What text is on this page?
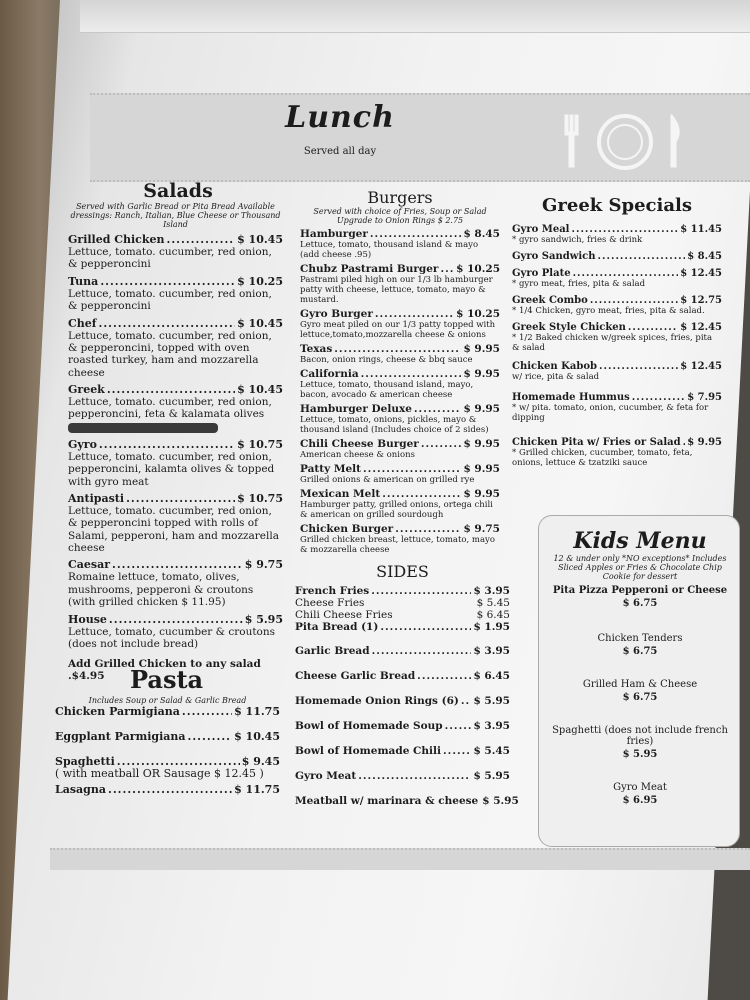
Lunch
Served all day
Salads
Served with Garlic Bread or Pita Bread Available dressings: Ranch, Italian, Blue Cheese or Thousand Island
Grilled Chicken .....	$ 10.45
Lettuce, tomato. cucumber, red onion, & pepperoncini
Tuna .....	$ 10.25
Lettuce, tomato. cucumber, red onion, & pepperoncini
Chef .....	$ 10.45
Lettuce, tomato. cucumber, red onion, & pepperoncini, topped with oven roasted turkey, ham and mozzarella cheese
Greek .....	$ 10.45
Lettuce, tomato. cucumber, red onion, pepperoncini, feta & kalamata olives
Gyro .....	$ 10.75
Lettuce, tomato. cucumber, red onion, pepperoncini, kalamta olives & topped with gyro meat
Antipasti .....	$ 10.75
Lettuce, tomato. cucumber, red onion, & pepperoncini topped with rolls of Salami, pepperoni, ham and mozzarella cheese
Caesar .....	$ 9.75
Romaine lettuce, tomato, olives, mushrooms, pepperoni & croutons (with grilled chicken $ 11.95)
House .....	$ 5.95
Lettuce, tomato, cucumber & croutons (does not include bread)
Add Grilled Chicken to any salad .$4.95	Pasta
Includes Soup or Salad & Garlic Bread
Chicken Parmigiana .....	$ 11.75
Eggplant Parmigiana .....	$ 10.45
Spaghetti .....	$ 9.45
( with meatball OR Sausage $ 12.45 )
Lasagna .....	$ 11.75
Burgers
Served with choice of Fries, Soup or Salad Upgrade to Onion Rings $ 2.75
Hamburger .....	$ 8.45
Lettuce, tomato, thousand island & mayo (add cheese .95)
Chubz Pastrami Burger ..... $ 10.25
Pastrami piled high on our 1/3 lb hamburger patty with cheese, lettuce, tomato, mayo & mustard.
Gyro Burger .....	$ 10.25
Gyro meat piled on our 1/3 patty topped with lettuce,tomato,mozzarella cheese & onions
Texas .....	$ 9.95
Bacon, onion rings, cheese & bbq sauce
California .....	$ 9.95
Lettuce, tomato, thousand island, mayo, bacon, avocado & american cheese
Hamburger Deluxe .....	$ 9.95
Lettuce, tomato, onions, pickles, mayo & thousand island (Includes choice of 2 sides)
Chili Cheese Burger .....	$ 9.95
American cheese & onions
Patty Melt .....	$ 9.95
Grilled onions & american on grilled rye
Mexican Melt .....	$ 9.95
Hamburger patty, grilled onions, ortega chili & american on grilled sourdough
Chicken Burger .....	$ 9.75
Grilled chicken breast, lettuce, tomato, mayo & mozzarella cheese
SIDES
French Fries .....	$ 3.95
Cheese Fries	$ 5.45
Chili Cheese Fries	$ 6.45
Pita Bread (1) .....	$ 1.95
Garlic Bread .....	$ 3.95
Cheese Garlic Bread .....	$ 6.45
Homemade Onion Rings (6) ..... $ 5.95
Bowl of Homemade Soup .....	$ 3.95
Bowl of Homemade Chili .....	$ 5.45
Gyro Meat .....	$ 5.95
Meatball w/ marinara & cheese $ 5.95
Greek Specials
Gyro Meal .....	$ 11.45
* gyro sandwich, fries & drink
Gyro Sandwich .....	$ 8.45
Gyro Plate .....	$ 12.45
* gyro meat, fries, pita & salad
Greek Combo .....	$ 12.75
* 1/4 Chicken, gyro meat, fries, pita & salad.
Greek Style Chicken .....	$ 12.45
* 1/2 Baked chicken w/greek spices, fries, pita & salad
Chicken Kabob .....	$ 12.45
w/ rice, pita & salad
Homemade Hummus .....	$ 7.95
* w/ pita. tomato, onion, cucumber, & feta for dipping
Chicken Pita w/ Fries or Salad ..... $ 9.95
* Grilled chicken, cucumber, tomato, feta, onions, lettuce & tzatziki sauce
Kids Menu
12 & under only *NO exceptions* Includes Sliced Apples or Fries & Chocolate Chip Cookie for dessert
Pita Pizza Pepperoni or Cheese
$ 6.75
Chicken Tenders
$ 6.75
Grilled Ham & Cheese
$ 6.75
Spaghetti (does not include french fries)
$ 5.95
Gyro Meat
$ 6.95
